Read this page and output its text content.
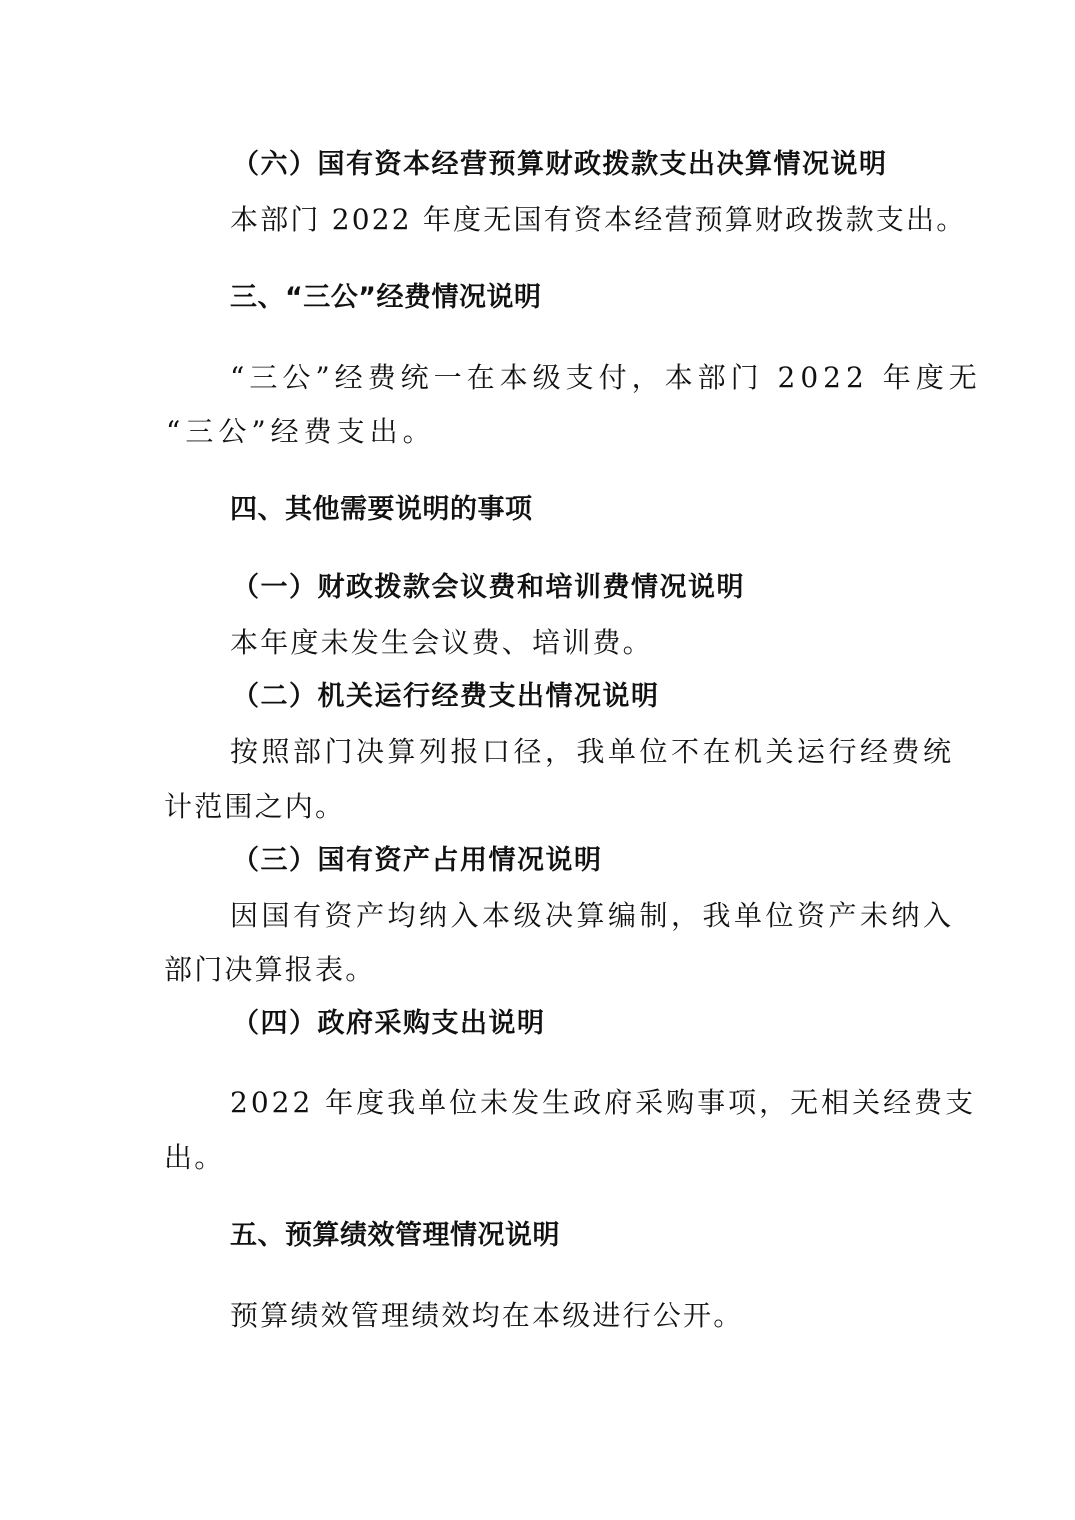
（六）国有资本经营预算财政拨款支出决算情况说明
本部门 2022 年度无国有资本经营预算财政拨款支出。
三、“三公”经费情况说明
“三公”经费统一在本级支付，本部门 2022 年度无
“三公”经费支出。
四、其他需要说明的事项
（一）财政拨款会议费和培训费情况说明
本年度未发生会议费、培训费。
（二）机关运行经费支出情况说明
按照部门决算列报口径，我单位不在机关运行经费统
计范围之内。
（三）国有资产占用情况说明
因国有资产均纳入本级决算编制，我单位资产未纳入
部门决算报表。
（四）政府采购支出说明
2022 年度我单位未发生政府采购事项，无相关经费支
出。
五、预算绩效管理情况说明
预算绩效管理绩效均在本级进行公开。
